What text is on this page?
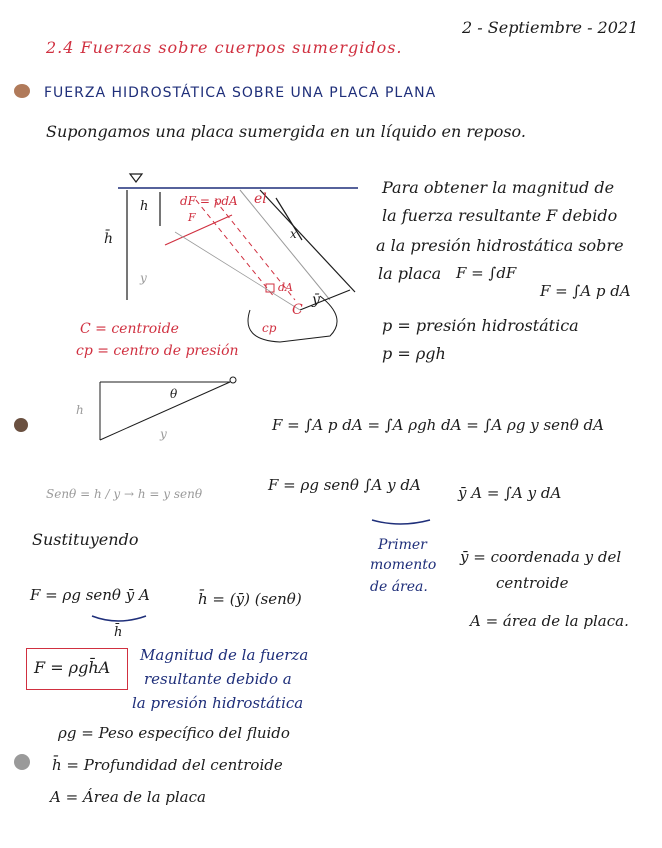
2 - Septiembre - 2021
2.4 Fuerzas sobre cuerpos sumergidos.
FUERZA HIDROSTÁTICA SOBRE UNA PLACA PLANA
Supongamos una placa sumergida en un líquido en reposo.
dF = pdA el
F
h
h̄
y
x
ȳ
C
cp
dA
C = centroide
cp = centro de presión
Para obtener la magnitud de
la fuerza resultante F debido
a la presión hidrostática sobre
la placa F = ∫dF
F = ∫A p dA
p = presión hidrostática
p = ρgh
θ
h
y
Senθ = h / y → h = y senθ
F = ∫A p dA = ∫A ρgh dA = ∫A ρg y senθ dA
F = ρg senθ ∫A y dA
Primer
momento
de área.
ȳ A = ∫A y dA
Sustituyendo
F = ρg senθ ȳ A
h̄
h̄ = (ȳ) (senθ)
ȳ = coordenada y del
centroide
A = área de la placa.
F = ρgh̄A
Magnitud de la fuerza
resultante debido a
la presión hidrostática
ρg = Peso específico del fluido
h̄ = Profundidad del centroide
A = Área de la placa
